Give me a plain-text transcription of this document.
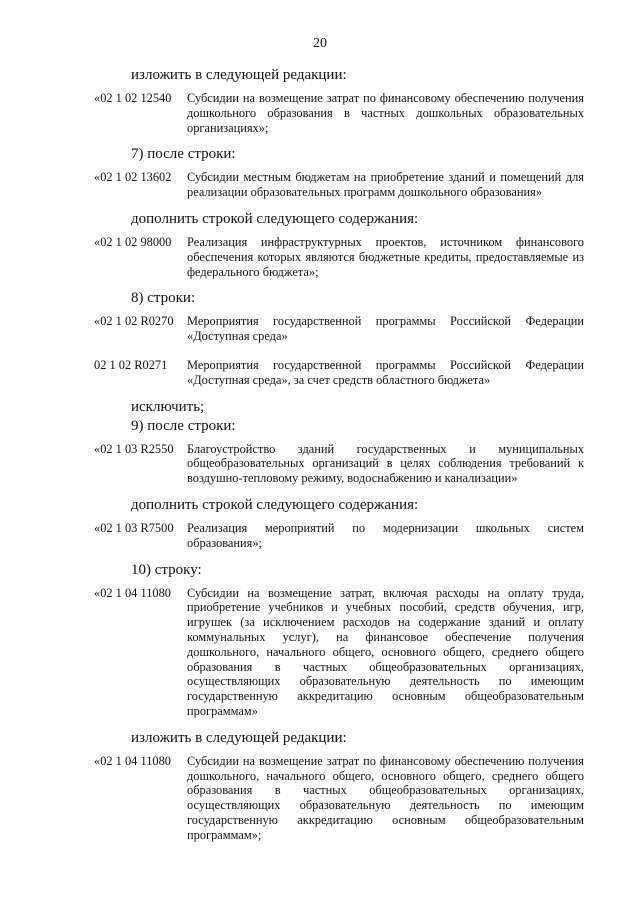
20
изложить в следующей редакции:
«02 1 02 12540	Субсидии на возмещение затрат по финансовому обеспечению получения дошкольного образования в частных дошкольных образовательных организациях»;
7) после строки:
«02 1 02 13602	Субсидии местным бюджетам на приобретение зданий и помещений для реализации образовательных программ дошкольного образования»
дополнить строкой следующего содержания:
«02 1 02 98000	Реализация инфраструктурных проектов, источником финансового обеспечения которых являются бюджетные кредиты, предоставляемые из федерального бюджета»;
8) строки:
«02 1 02 R0270	Мероприятия государственной программы Российской Федерации «Доступная среда»
02 1 02 R0271	Мероприятия государственной программы Российской Федерации «Доступная среда», за счет средств областного бюджета»
исключить;
9) после строки:
«02 1 03 R2550	Благоустройство зданий государственных и муниципальных общеобразовательных организаций в целях соблюдения требований к воздушно-тепловому режиму, водоснабжению и канализации»
дополнить строкой следующего содержания:
«02 1 03 R7500	Реализация мероприятий по модернизации школьных систем образования»;
10) строку:
«02 1 04 11080	Субсидии на возмещение затрат, включая расходы на оплату труда, приобретение учебников и учебных пособий, средств обучения, игр, игрушек (за исключением расходов на содержание зданий и оплату коммунальных услуг), на финансовое обеспечение получения дошкольного, начального общего, основного общего, среднего общего образования в частных общеобразовательных организациях, осуществляющих образовательную деятельность по имеющим государственную аккредитацию основным общеобразовательным программам»
изложить в следующей редакции:
«02 1 04 11080	Субсидии на возмещение затрат по финансовому обеспечению получения дошкольного, начального общего, основного общего, среднего общего образования в частных общеобразовательных организациях, осуществляющих образовательную деятельность по имеющим государственную аккредитацию основным общеобразовательным программам»;
